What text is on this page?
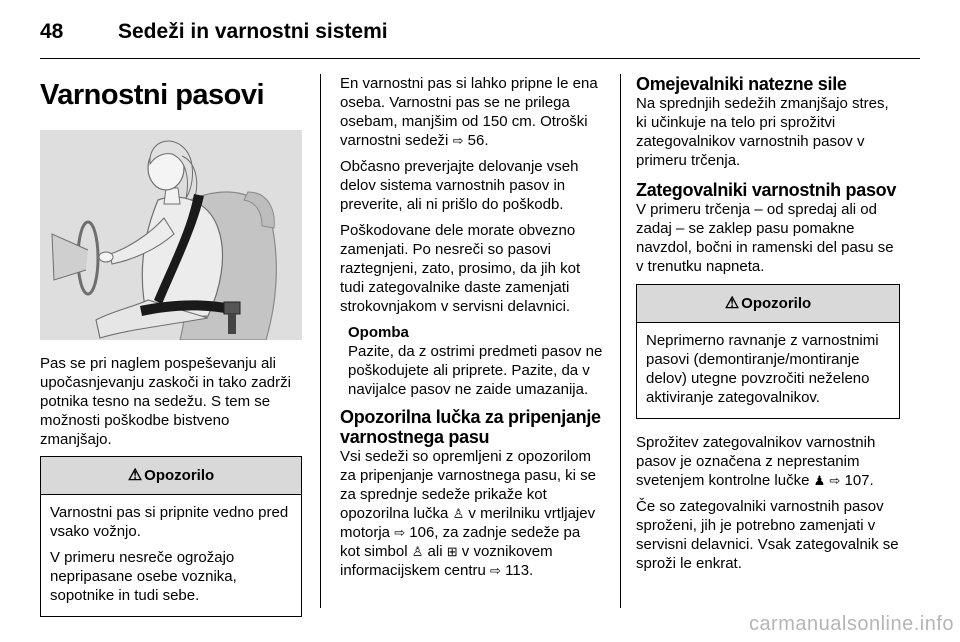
48	Sedeži in varnostni sistemi
Varnostni pasovi

Pas se pri naglem pospeševanju ali upočasnjevanju zaskoči in tako zadrži potnika tesno na sedežu. S tem se možnosti poškodbe bistveno zmanjšajo.

⚠ Opozorilo

Varnostni pas si pripnite vedno pred vsako vožnjo.

V primeru nesreče ogrožajo nepripasane osebe voznika, sopotnike in tudi sebe.

En varnostni pas si lahko pripne le ena oseba. Varnostni pas se ne prilega osebam, manjšim od 150 cm. Otroški varnostni sedeži ⇨ 56.

Občasno preverjajte delovanje vseh delov sistema varnostnih pasov in preverite, ali ni prišlo do poškodb.

Poškodovane dele morate obvezno zamenjati. Po nesreči so pasovi raztegnjeni, zato, prosimo, da jih kot tudi zategovalnike daste zamenjati strokovnjakom v servisni delavnici.

Opomba
Pazite, da z ostrimi predmeti pasov ne poškodujete ali priprete. Pazite, da v navijalce pasov ne zaide umazanija.
Opozorilna lučka za pripenjanje varnostnega pasu

Vsi sedeži so opremljeni z opozorilom za pripenjanje varnostnega pasu, ki se za sprednje sedeže prikaže kot opozorilna lučka ♙ v merilniku vrtljajev motorja ⇨ 106, za zadnje sedeže pa kot simbol ♙ ali ⊞ v voznikovem informacijskem centru ⇨ 113.

Omejevalniki natezne sile

Na sprednjih sedežih zmanjšajo stres, ki učinkuje na telo pri sprožitvi zategovalnikov varnostnih pasov v primeru trčenja.

Zategovalniki varnostnih pasov

V primeru trčenja – od spredaj ali od zadaj – se zaklep pasu pomakne navzdol, bočni in ramenski del pasu se v trenutku napneta.

⚠ Opozorilo

Neprimerno ravnanje z varnostnimi pasovi (demontiranje/montiranje delov) utegne povzročiti neželeno aktiviranje zategovalnikov.

Sprožitev zategovalnikov varnostnih pasov je označena z neprestanim svetenjem kontrolne lučke ♟ ⇨ 107.

Če so zategovalniki varnostnih pasov sproženi, jih je potrebno zamenjati v servisni delavnici. Vsak zategovalnik se sproži le enkrat.

carmanualsonline.info
